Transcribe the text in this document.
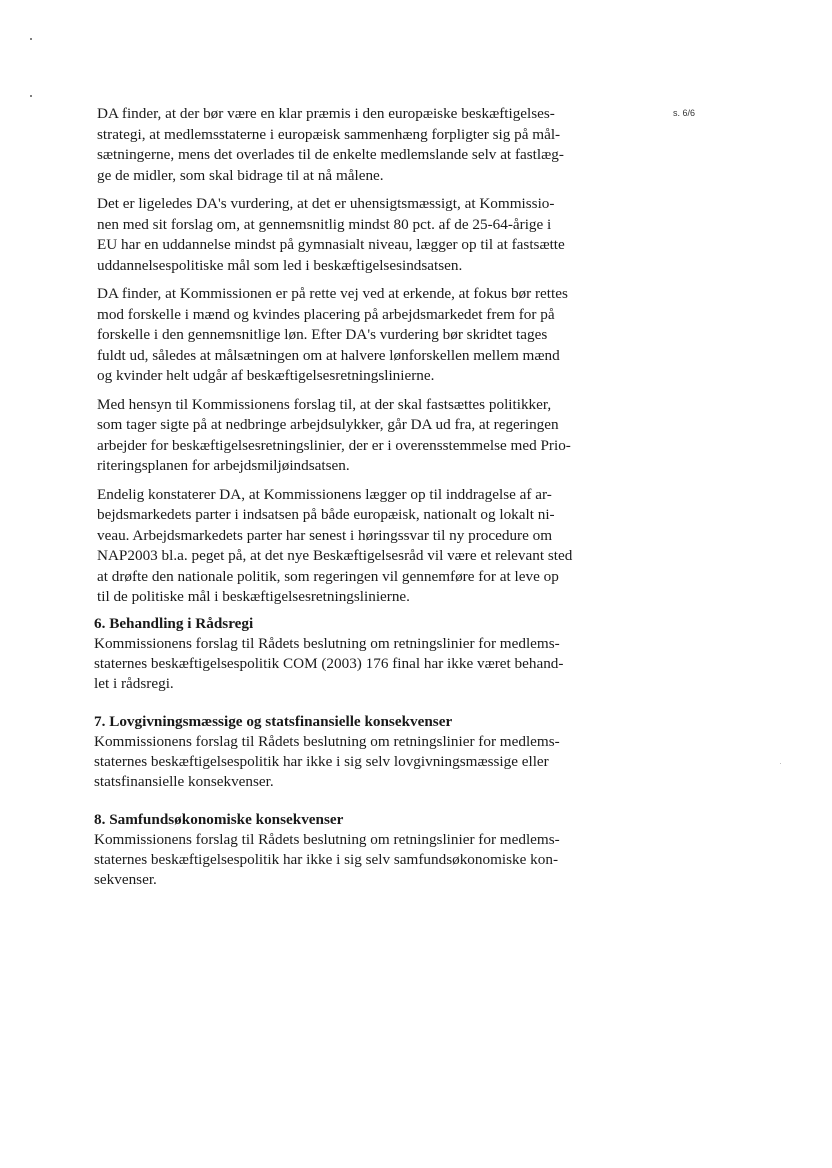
s. 6/6

DA finder, at der bør være en klar præmis i den europæiske beskæftigelses-
strategi, at medlemsstaterne i europæisk sammenhæng forpligter sig på mål-
sætningerne, mens det overlades til de enkelte medlemslande selv at fastlæg-
ge de midler, som skal bidrage til at nå målene.

Det er ligeledes DA's vurdering, at det er uhensigtsmæssigt, at Kommissio-
nen med sit forslag om, at gennemsnitlig mindst 80 pct. af de 25-64-årige i
EU har en uddannelse mindst på gymnasialt niveau, lægger op til at fastsætte
uddannelsespolitiske mål som led i beskæftigelsesindsatsen.

DA finder, at Kommissionen er på rette vej ved at erkende, at fokus bør rettes
mod forskelle i mænd og kvindes placering på arbejdsmarkedet frem for på
forskelle i den gennemsnitlige løn. Efter DA's vurdering bør skridtet tages
fuldt ud, således at målsætningen om at halvere lønforskellen mellem mænd
og kvinder helt udgår af beskæftigelsesretningslinierne.

Med hensyn til Kommissionens forslag til, at der skal fastsættes politikker,
som tager sigte på at nedbringe arbejdsulykker, går DA ud fra, at regeringen
arbejder for beskæftigelsesretningslinier, der er i overensstemmelse med Prio-
riteringsplanen for arbejdsmiljøindsatsen.

Endelig konstaterer DA, at Kommissionens lægger op til inddragelse af ar-
bejdsmarkedets parter i indsatsen på både europæisk, nationalt og lokalt ni-
veau. Arbejdsmarkedets parter har senest i høringssvar til ny procedure om
NAP2003 bl.a. peget på, at det nye Beskæftigelsesråd vil være et relevant sted
at drøfte den nationale politik, som regeringen vil gennemføre for at leve op
til de politiske mål i beskæftigelsesretningslinierne.

6. Behandling i Rådsregi

Kommissionens forslag til Rådets beslutning om retningslinier for medlems-
staternes beskæftigelsespolitik COM (2003) 176 final har ikke været behand-
let i rådsregi.

7. Lovgivningsmæssige og statsfinansielle konsekvenser

Kommissionens forslag til Rådets beslutning om retningslinier for medlems-
staternes beskæftigelsespolitik har ikke i sig selv lovgivningsmæssige eller
statsfinansielle konsekvenser.

8. Samfundsøkonomiske konsekvenser

Kommissionens forslag til Rådets beslutning om retningslinier for medlems-
staternes beskæftigelsespolitik har ikke i sig selv samfundsøkonomiske kon-
sekvenser.
